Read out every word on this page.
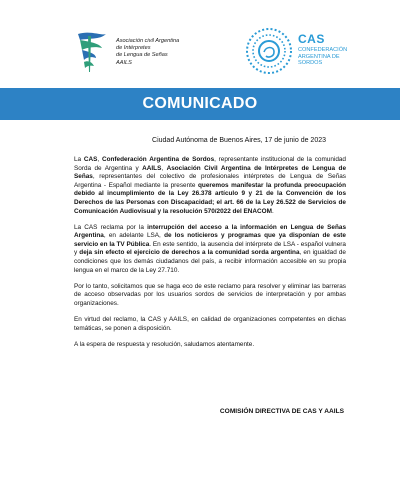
Asociación civil Argentina
de Intérpretes
de Lengua de Señas
AAILS
CAS
CONFEDERACIÓN
ARGENTINA DE
SORDOS
COMUNICADO
Ciudad Autónoma de Buenos Aires, 17 de junio de 2023

La CAS, Confederación Argentina de Sordos, representante institucional de la comunidad Sorda de Argentina y AAILS, Asociación Civil Argentina de Intérpretes de Lengua de Señas, representantes del colectivo de profesionales intérpretes de Lengua de Señas Argentina - Español mediante la presente queremos manifestar la profunda preocupación debido al incumplimiento de la Ley 26.378 artículo 9 y 21 de la Convención de los Derechos de las Personas con Discapacidad; el art. 66 de la Ley 26.522 de Servicios de Comunicación Audiovisual y la resolución 570/2022 del ENACOM.

La CAS reclama por la interrupción del acceso a la información en Lengua de Señas Argentina, en adelante LSA, de los noticieros y programas que ya disponían de este servicio en la TV Pública. En este sentido, la ausencia del intérprete de LSA - español vulnera y deja sin efecto el ejercicio de derechos a la comunidad sorda argentina, en igualdad de condiciones que los demás ciudadanos del país, a recibir información accesible en su propia lengua en el marco de la Ley 27.710.

Por lo tanto, solicitamos que se haga eco de este reclamo para resolver y eliminar las barreras de acceso observadas por los usuarios sordos de servicios de interpretación y por ambas organizaciones.

En virtud del reclamo, la CAS y AAILS, en calidad de organizaciones competentes en dichas temáticas, se ponen a disposición.

A la espera de respuesta y resolución, saludamos atentamente.

COMISIÓN DIRECTIVA DE CAS Y AAILS
